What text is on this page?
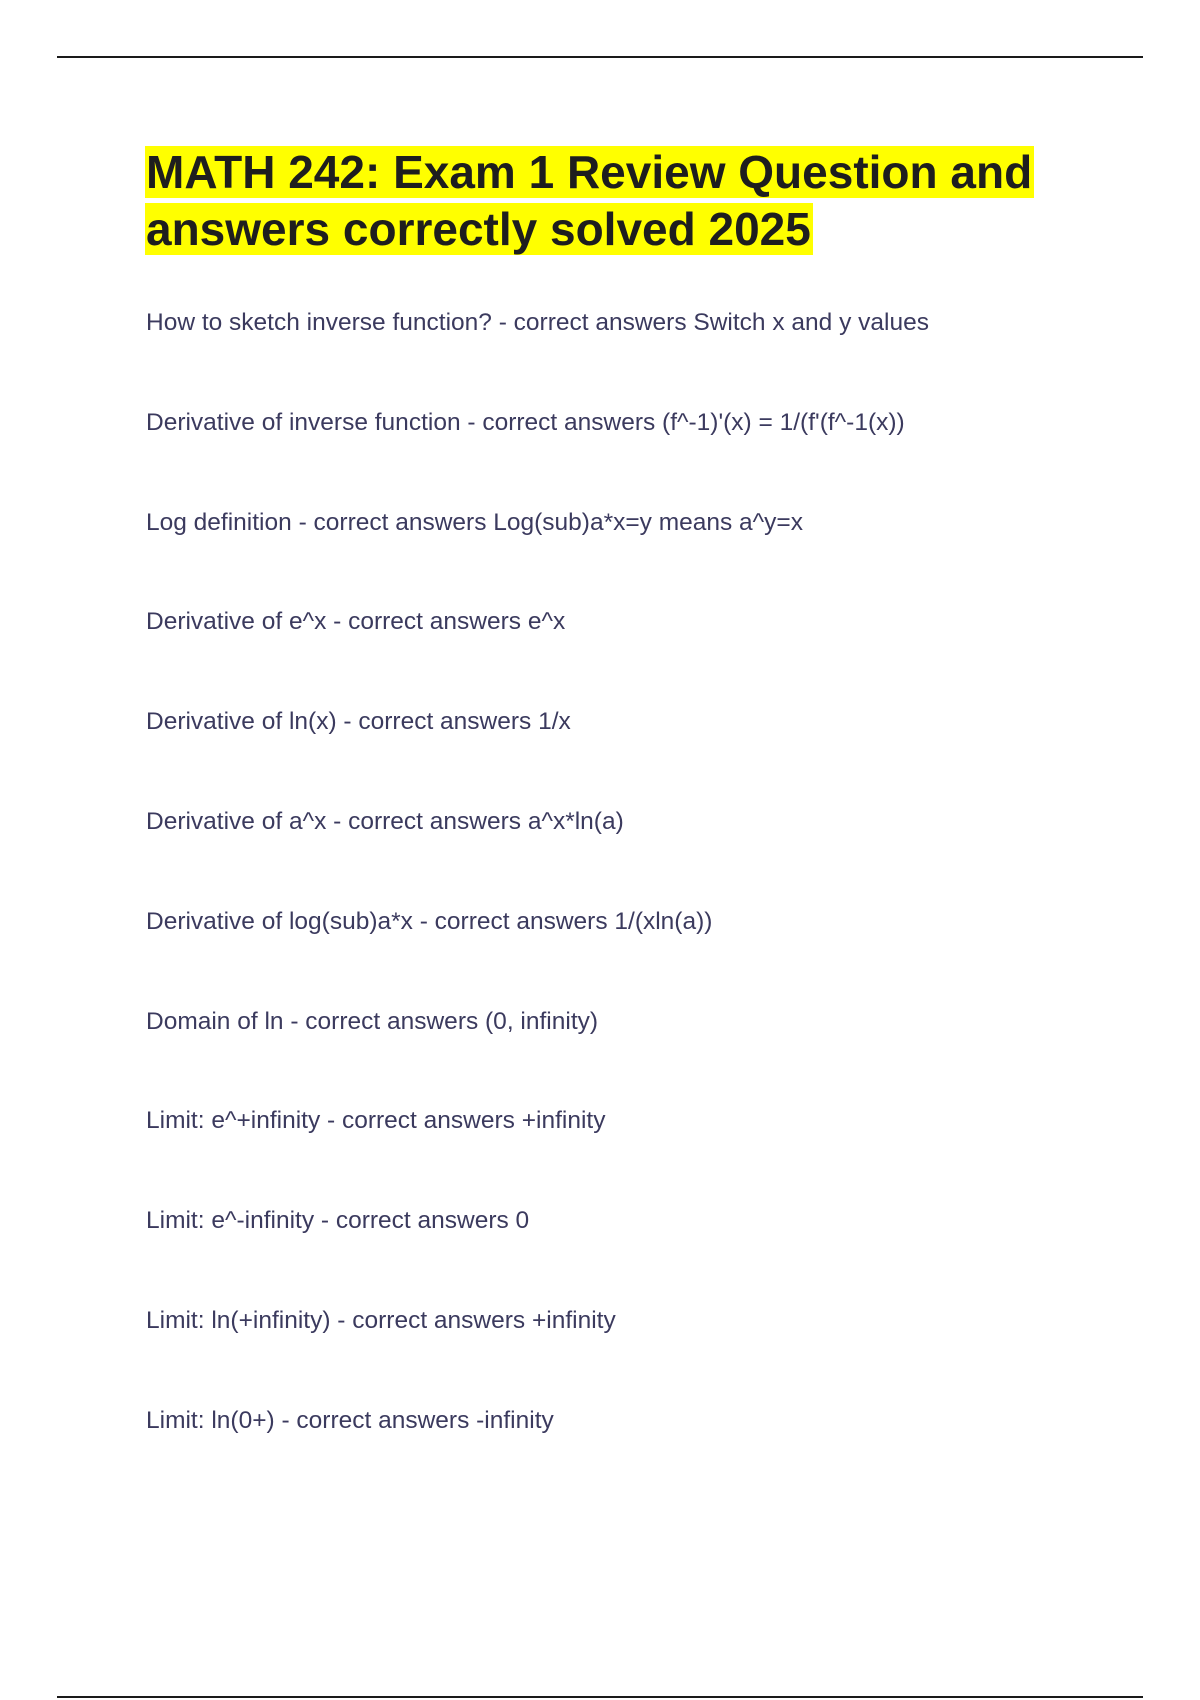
MATH 242: Exam 1 Review Question and answers correctly solved 2025
How to sketch inverse function? - correct answers Switch x and y values
Derivative of inverse function - correct answers (f^-1)'(x) = 1/(f'(f^-1(x))
Log definition - correct answers Log(sub)a*x=y means a^y=x
Derivative of e^x - correct answers e^x
Derivative of ln(x) - correct answers 1/x
Derivative of a^x - correct answers a^x*ln(a)
Derivative of log(sub)a*x - correct answers 1/(xln(a))
Domain of ln - correct answers (0, infinity)
Limit: e^+infinity - correct answers +infinity
Limit: e^-infinity - correct answers 0
Limit: ln(+infinity) - correct answers +infinity
Limit: ln(0+) - correct answers -infinity
